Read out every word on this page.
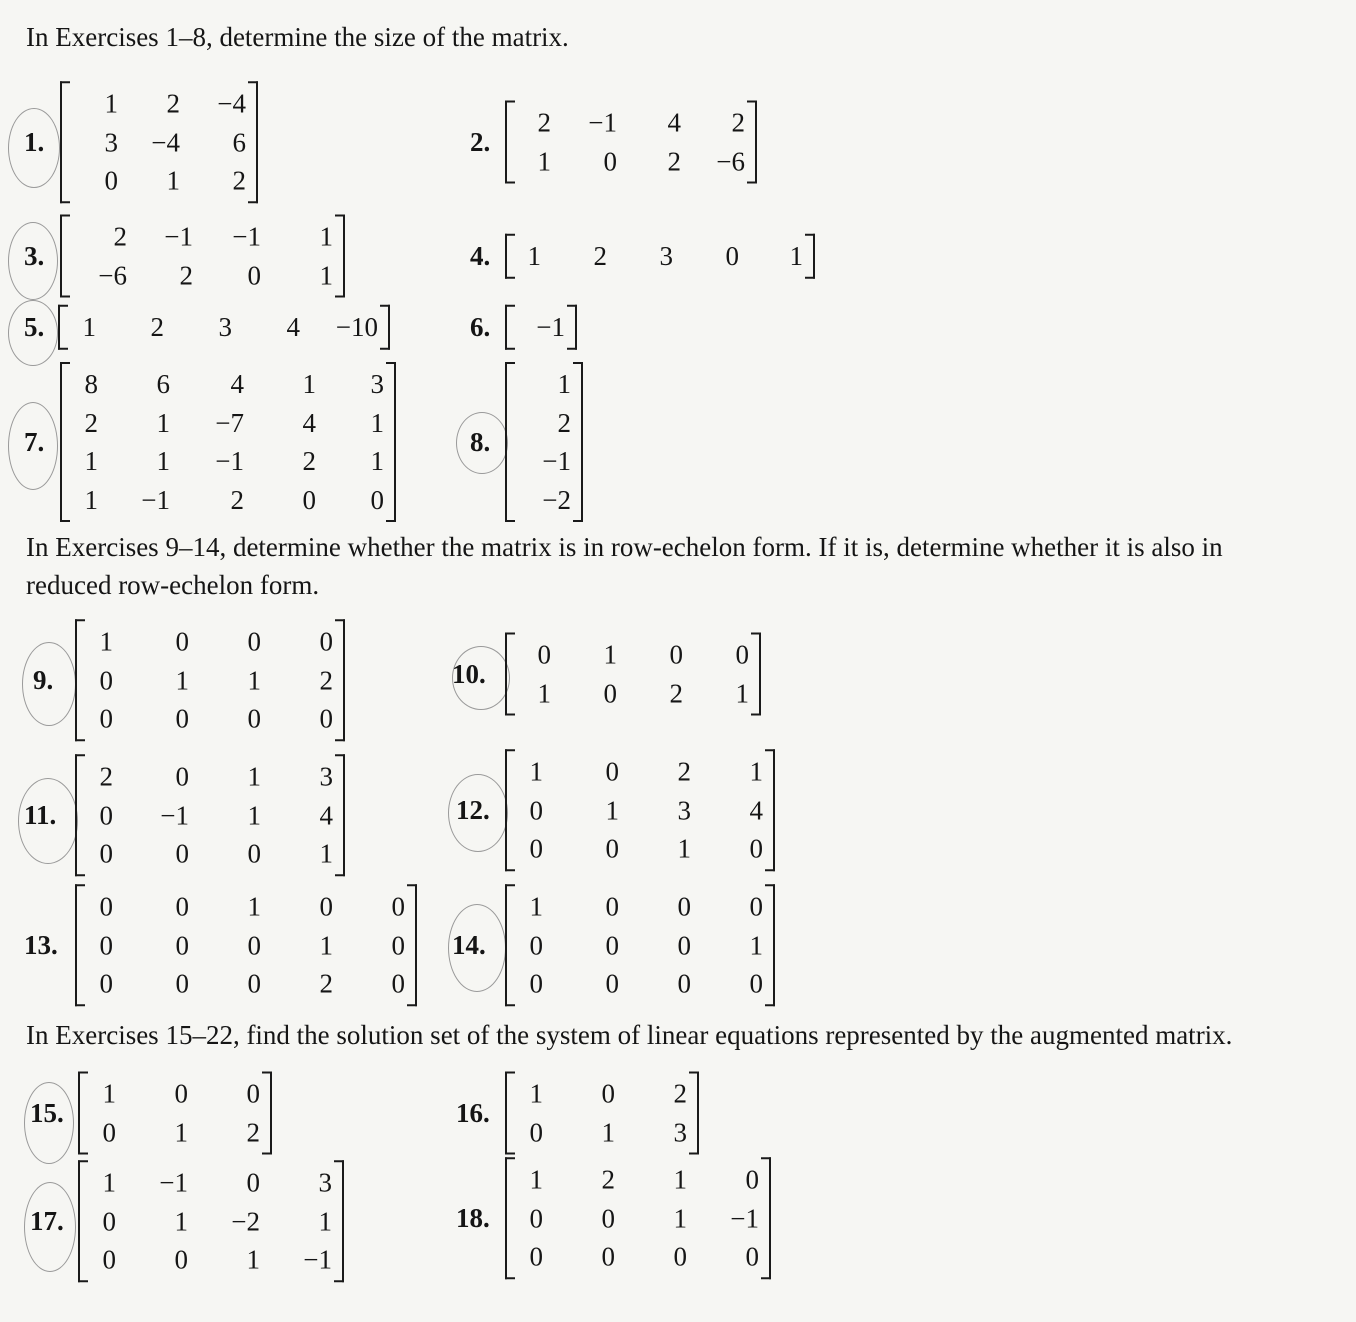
In Exercises 1–8, determine the size of the matrix.
In Exercises 9–14, determine whether the matrix is in row-echelon form. If it is, determine whether it is also in
reduced row-echelon form.
In Exercises 15–22, find the solution set of the system of linear equations represented by the augmented matrix.
1.
1	2	−4
3	−4	6
0	1	2
2.
2	−1	4	2
1	0	2	−6
3.
2	−1	−1	1
−6	2	0	1
4.	1	2	3	0	1
5.	1	2	3	4	−10	6.	−1
7.
8	6	4	1	3
2	1	−7	4	1
1	1	−1	2	1
1	−1	2	0	0
8.
1
2
−1
−2
9.
1	0	0	0
0	1	1	2
0	0	0	0
10.
0	1	0	0
1	0	2	1
11.
2	0	1	3
0	−1	1	4
0	0	0	1
12.
1	0	2	1
0	1	3	4
0	0	1	0
13.
0	0	1	0	0
0	0	0	1	0
0	0	0	2	0
14.
1	0	0	0
0	0	0	1
0	0	0	0
15.
1	0	0
0	1	2
16.
1	0	2
0	1	3
17.
1	−1	0	3
0	1	−2	1
0	0	1	−1
18.
1	2	1	0
0	0	1	−1
0	0	0	0
